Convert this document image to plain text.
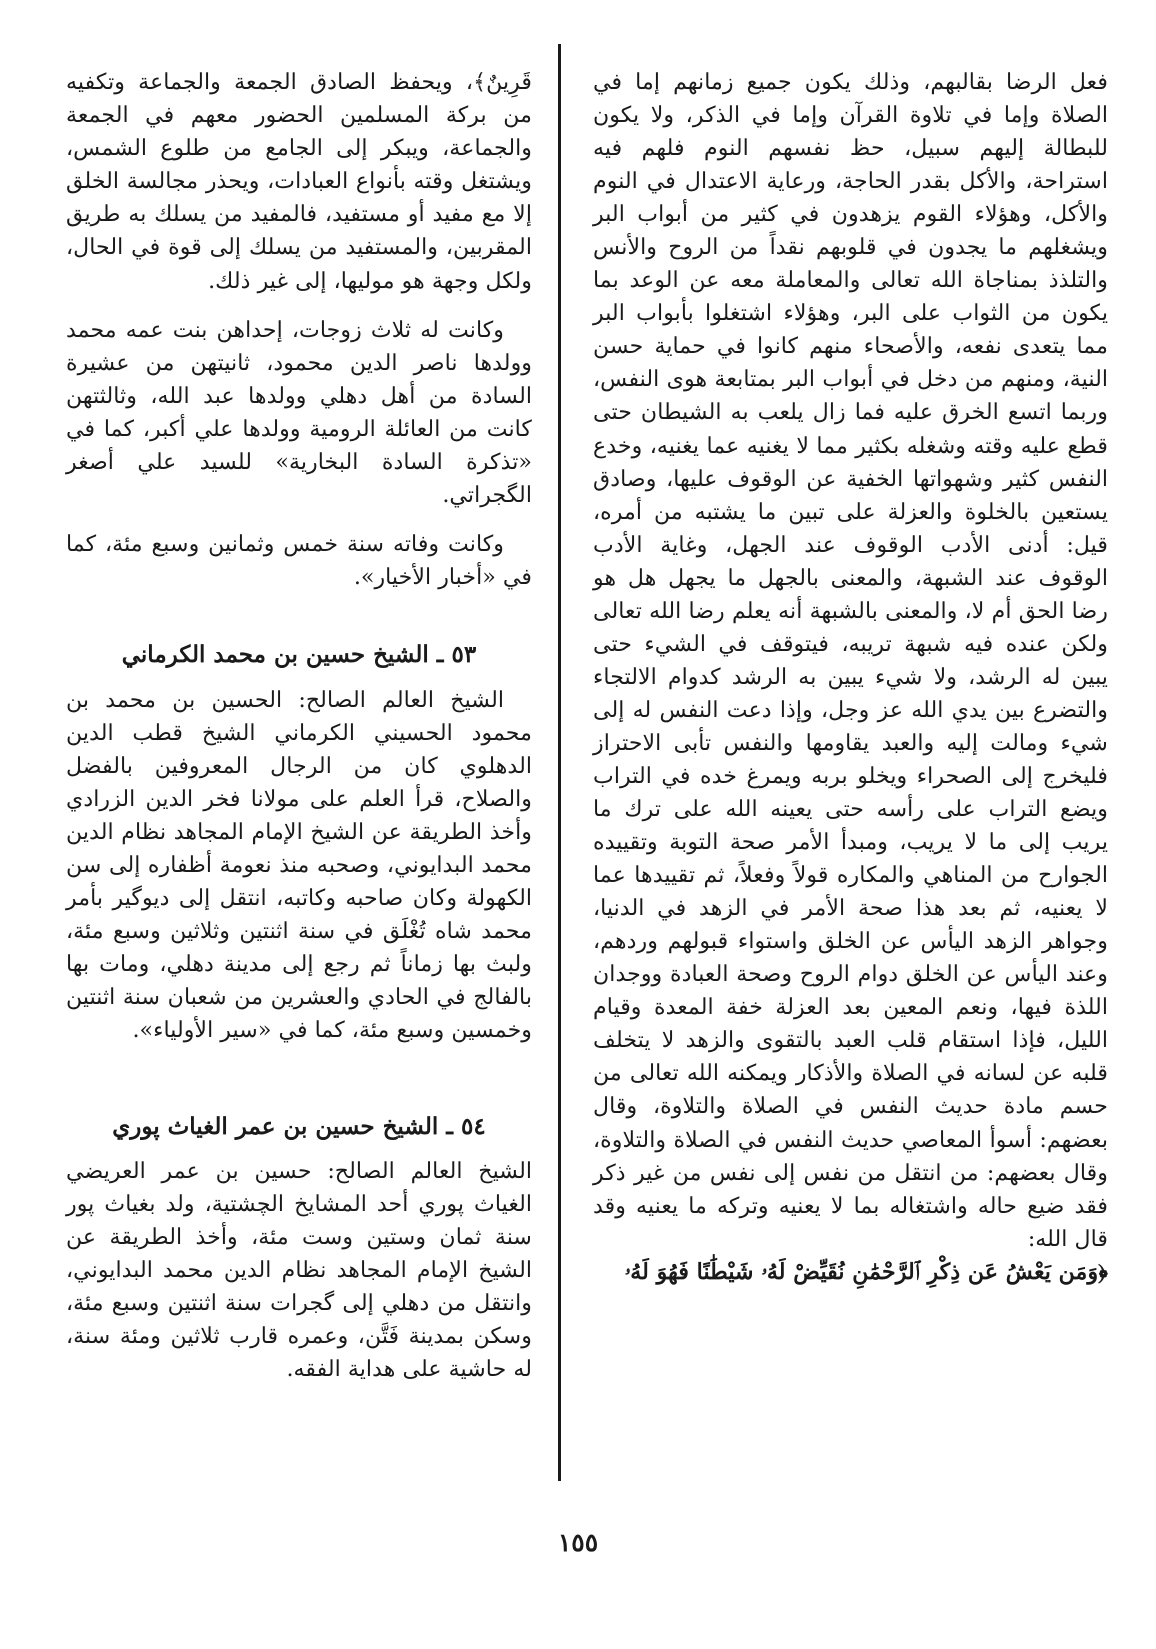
فعل الرضا بقالبهم، وذلك يكون جميع زمانهم إما في الصلاة وإما في تلاوة القرآن وإما في الذكر، ولا يكون للبطالة إليهم سبيل، حظ نفسهم النوم فلهم فيه استراحة، والأكل بقدر الحاجة، ورعاية الاعتدال في النوم والأكل، وهؤلاء القوم يزهدون في كثير من أبواب البر ويشغلهم ما يجدون في قلوبهم نقداً من الروح والأنس والتلذذ بمناجاة الله تعالى والمعاملة معه عن الوعد بما يكون من الثواب على البر، وهؤلاء اشتغلوا بأبواب البر مما يتعدى نفعه، والأصحاء منهم كانوا في حماية حسن النية، ومنهم من دخل في أبواب البر بمتابعة هوى النفس، وربما اتسع الخرق عليه فما زال يلعب به الشيطان حتى قطع عليه وقته وشغله بكثير مما لا يغنيه عما يغنيه، وخدع النفس كثير وشهواتها الخفية عن الوقوف عليها، وصادق يستعين بالخلوة والعزلة على تبين ما يشتبه من أمره، قيل: أدنى الأدب الوقوف عند الجهل، وغاية الأدب الوقوف عند الشبهة، والمعنى بالجهل ما يجهل هل هو رضا الحق أم لا، والمعنى بالشبهة أنه يعلم رضا الله تعالى ولكن عنده فيه شبهة تريبه، فيتوقف في الشيء حتى يبين له الرشد، ولا شيء يبين به الرشد كدوام الالتجاء والتضرع بين يدي الله عز وجل، وإذا دعت النفس له إلى شيء ومالت إليه والعبد يقاومها والنفس تأبى الاحتراز فليخرج إلى الصحراء ويخلو بربه ويمرغ خده في التراب ويضع التراب على رأسه حتى يعينه الله على ترك ما يريب إلى ما لا يريب، ومبدأ الأمر صحة التوبة وتقييده الجوارح من المناهي والمكاره قولاً وفعلاً، ثم تقييدها عما لا يعنيه، ثم بعد هذا صحة الأمر في الزهد في الدنيا، وجواهر الزهد اليأس عن الخلق واستواء قبولهم وردهم، وعند اليأس عن الخلق دوام الروح وصحة العبادة ووجدان اللذة فيها، ونعم المعين بعد العزلة خفة المعدة وقيام الليل، فإذا استقام قلب العبد بالتقوى والزهد لا يتخلف قلبه عن لسانه في الصلاة والأذكار ويمكنه الله تعالى من حسم مادة حديث النفس في الصلاة والتلاوة، وقال بعضهم: أسوأ المعاصي حديث النفس في الصلاة والتلاوة، وقال بعضهم: من انتقل من نفس إلى نفس من غير ذكر فقد ضيع حاله واشتغاله بما لا يعنيه وتركه ما يعنيه وقد قال الله:

﴿وَمَن يَعْشُ عَن ذِكْرِ ٱلرَّحْمَٰنِ نُقَيِّضْ لَهُۥ شَيْطَٰنًا فَهُوَ لَهُۥ

قَرِينٌ﴾، ويحفظ الصادق الجمعة والجماعة وتكفيه من بركة المسلمين الحضور معهم في الجمعة والجماعة، ويبكر إلى الجامع من طلوع الشمس، ويشتغل وقته بأنواع العبادات، ويحذر مجالسة الخلق إلا مع مفيد أو مستفيد، فالمفيد من يسلك به طريق المقربين، والمستفيد من يسلك إلى قوة في الحال، ولكل وجهة هو موليها، إلى غير ذلك.

وكانت له ثلاث زوجات، إحداهن بنت عمه محمد وولدها ناصر الدين محمود، ثانيتهن من عشيرة السادة من أهل دهلي وولدها عبد الله، وثالثتهن كانت من العائلة الرومية وولدها علي أكبر، كما في «تذكرة السادة البخارية» للسيد علي أصغر الگجراتي.

وكانت وفاته سنة خمس وثمانين وسبع مئة، كما في «أخبار الأخيار».

٥٣ ـ الشيخ حسين بن محمد الكرماني

الشيخ العالم الصالح: الحسين بن محمد بن محمود الحسيني الكرماني الشيخ قطب الدين الدهلوي كان من الرجال المعروفين بالفضل والصلاح، قرأ العلم على مولانا فخر الدين الزرادي وأخذ الطريقة عن الشيخ الإمام المجاهد نظام الدين محمد البدايوني، وصحبه منذ نعومة أظفاره إلى سن الكهولة وكان صاحبه وكاتبه، انتقل إلى ديوگير بأمر محمد شاه تُغْلَق في سنة اثنتين وثلاثين وسبع مئة، ولبث بها زماناً ثم رجع إلى مدينة دهلي، ومات بها بالفالج في الحادي والعشرين من شعبان سنة اثنتين وخمسين وسبع مئة، كما في «سير الأولياء».

٥٤ ـ الشيخ حسين بن عمر الغياث پوري

الشيخ العالم الصالح: حسين بن عمر العريضي الغياث پوري أحد المشايخ الچشتية، ولد بغياث پور سنة ثمان وستين وست مئة، وأخذ الطريقة عن الشيخ الإمام المجاهد نظام الدين محمد البدايوني، وانتقل من دهلي إلى گجرات سنة اثنتين وسبع مئة، وسكن بمدينة فَتَّن، وعمره قارب ثلاثين ومئة سنة، له حاشية على هداية الفقه.

١٥٥
